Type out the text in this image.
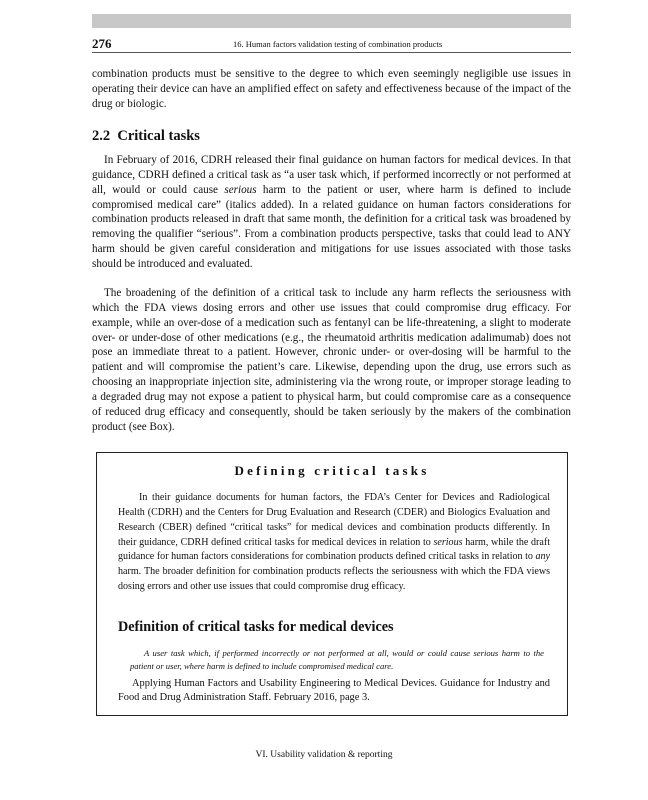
276	16. Human factors validation testing of combination products

combination products must be sensitive to the degree to which even seemingly negligible use issues in operating their device can have an amplified effect on safety and effectiveness because of the impact of the drug or biologic.

2.2 Critical tasks

In February of 2016, CDRH released their final guidance on human factors for medical devices. In that guidance, CDRH defined a critical task as “a user task which, if performed incorrectly or not performed at all, would or could cause serious harm to the patient or user, where harm is defined to include compromised medical care” (italics added). In a related guidance on human factors considerations for combination products released in draft that same month, the definition for a critical task was broadened by removing the qualifier “serious”. From a combination products perspective, tasks that could lead to ANY harm should be given careful consideration and mitigations for use issues associated with those tasks should be introduced and evaluated.

The broadening of the definition of a critical task to include any harm reflects the seriousness with which the FDA views dosing errors and other use issues that could compromise drug efficacy. For example, while an over-dose of a medication such as fentanyl can be life-threatening, a slight to moderate over- or under-dose of other medications (e.g., the rheumatoid arthritis medication adalimumab) does not pose an immediate threat to a patient. However, chronic under- or over-dosing will be harmful to the patient and will compromise the patient’s care. Likewise, depending upon the drug, use errors such as choosing an inappropriate injection site, administering via the wrong route, or improper storage leading to a degraded drug may not expose a patient to physical harm, but could compromise care as a consequence of reduced drug efficacy and consequently, should be taken seriously by the makers of the combination product (see Box).

Defining critical tasks

In their guidance documents for human factors, the FDA’s Center for Devices and Radiological Health (CDRH) and the Centers for Drug Evaluation and Research (CDER) and Biologics Evaluation and Research (CBER) defined “critical tasks” for medical devices and combination products differently. In their guidance, CDRH defined critical tasks for medical devices in relation to serious harm, while the draft guidance for human factors considerations for combination products defined critical tasks in relation to any harm. The broader definition for combination products reflects the seriousness with which the FDA views dosing errors and other use issues that could compromise drug efficacy.

Definition of critical tasks for medical devices

A user task which, if performed incorrectly or not performed at all, would or could cause serious harm to the patient or user, where harm is defined to include compromised medical care.

Applying Human Factors and Usability Engineering to Medical Devices. Guidance for Industry and Food and Drug Administration Staff. February 2016, page 3.

VI. Usability validation & reporting
